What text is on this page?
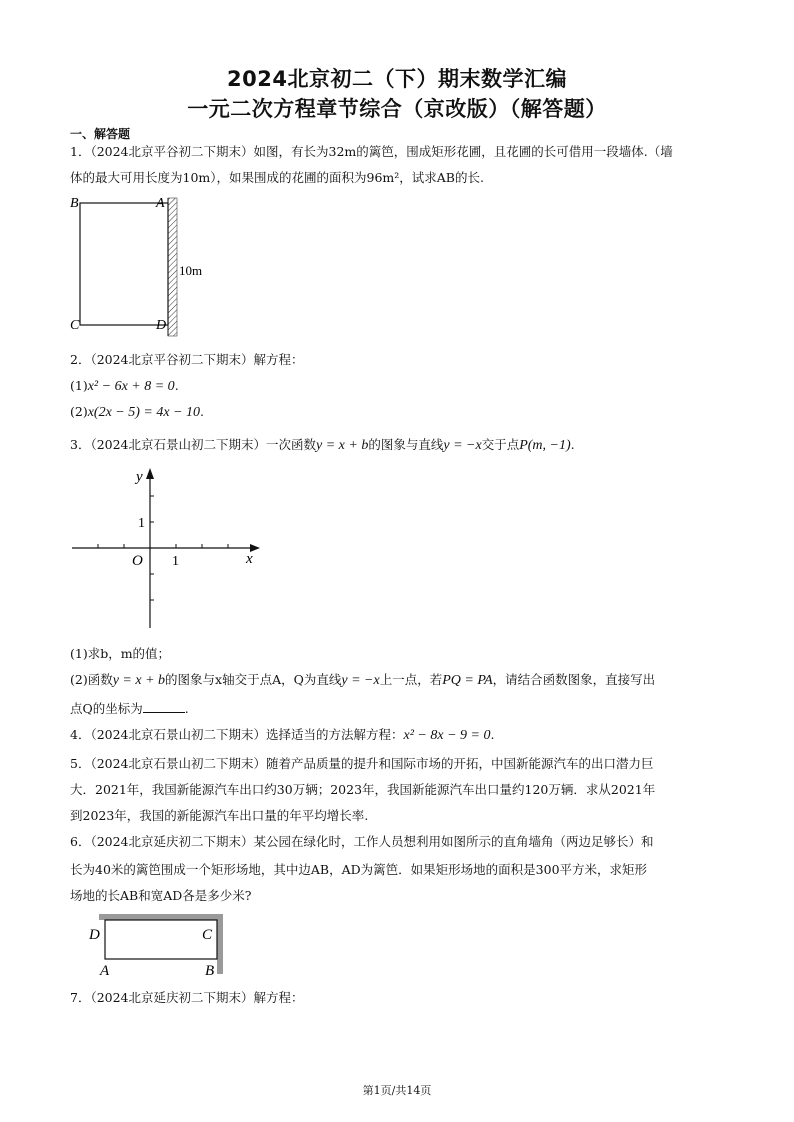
2024北京初二（下）期末数学汇编
一元二次方程章节综合（京改版）（解答题）
一、解答题
1．（2024北京平谷初二下期末）如图，有长为32m的篱笆，围成矩形花圃，且花圃的长可借用一段墙体.（墙
体的最大可用长度为10m），如果围成的花圃的面积为96m²，试求AB的长.
B	A
C	D
10m
2．（2024北京平谷初二下期末）解方程：
(1)x² − 6x + 8 = 0.
(2)x(2x − 5) = 4x − 10.
3．（2024北京石景山初二下期末）一次函数y = x + b的图象与直线y = −x交于点P(m, −1).
y
x
O 1
1
(1)求b，m的值；
(2)函数y = x + b的图象与x轴交于点A，Q为直线y = −x上一点，若PQ = PA，请结合函数图象，直接写出
点Q的坐标为	.
4．（2024北京石景山初二下期末）选择适当的方法解方程：x² − 8x − 9 = 0.
5．（2024北京石景山初二下期末）随着产品质量的提升和国际市场的开拓，中国新能源汽车的出口潜力巨
大．2021年，我国新能源汽车出口约30万辆；2023年，我国新能源汽车出口量约120万辆．求从2021年
到2023年，我国的新能源汽车出口量的年平均增长率.
6．（2024北京延庆初二下期末）某公园在绿化时，工作人员想利用如图所示的直角墙角（两边足够长）和
长为40米的篱笆围成一个矩形场地，其中边AB，AD为篱笆．如果矩形场地的面积是300平方米，求矩形
场地的长AB和宽AD各是多少米?
D	C
A	B
7．（2024北京延庆初二下期末）解方程：
第1页/共14页
